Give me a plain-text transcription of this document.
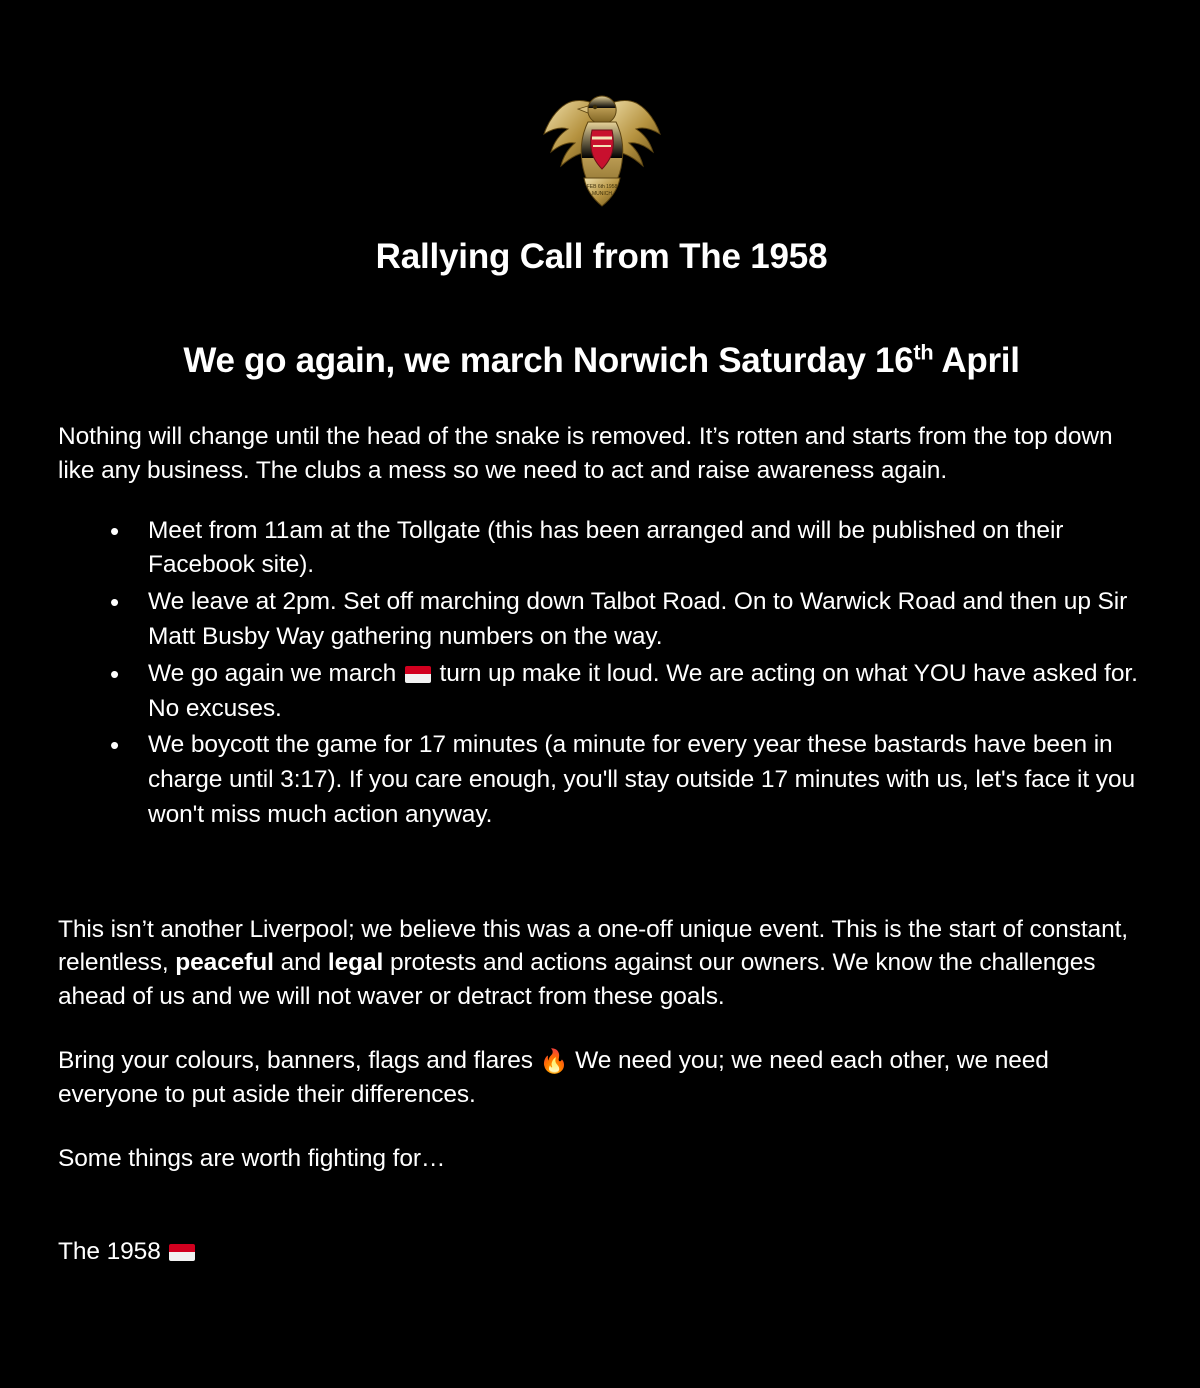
FEB 6th 1958
MUNICH
Rallying Call from The 1958
We go again, we march Norwich Saturday 16th April

Nothing will change until the head of the snake is removed. It’s rotten and starts from the top down like any business. The clubs a mess so we need to act and raise awareness again.

• Meet from 11am at the Tollgate (this has been arranged and will be published on their Facebook site).
• We leave at 2pm. Set off marching down Talbot Road. On to Warwick Road and then up Sir Matt Busby Way gathering numbers on the way.
• We go again we march
turn up make it loud. We are acting on what YOU have asked for. No excuses.
• We boycott the game for 17 minutes (a minute for every year these bastards have been in charge until 3:17). If you care enough, you'll stay outside 17 minutes with us, let's face it you won't miss much action anyway.

This isn’t another Liverpool; we believe this was a one-off unique event. This is the start of constant, relentless, peaceful and legal protests and actions against our owners. We know the challenges ahead of us and we will not waver or detract from these goals.

Bring your colours, banners, flags and flares 🔥 We need you; we need each other, we need everyone to put aside their differences.

Some things are worth fighting for…

The 1958
